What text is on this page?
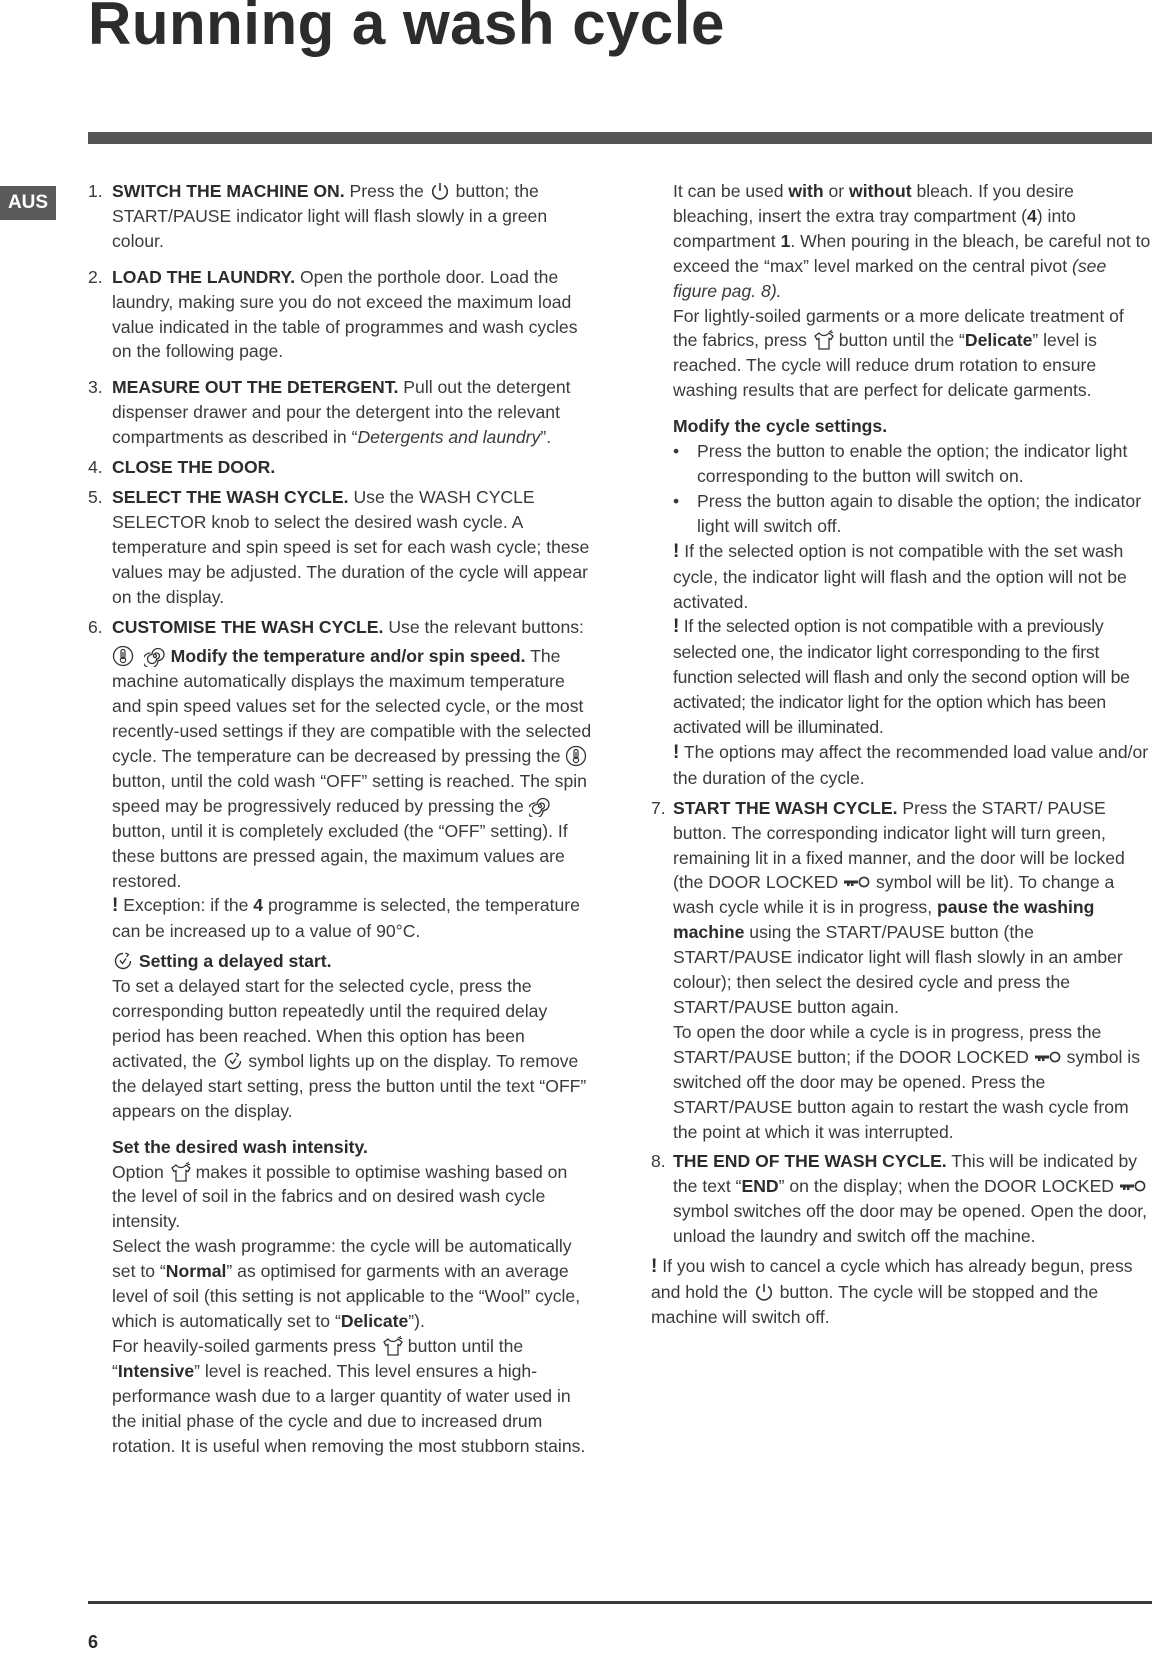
Running a wash cycle
AUS

1. SWITCH THE MACHINE ON. Press the
button; the START/PAUSE indicator light will flash slowly in a green colour.

2. LOAD THE LAUNDRY. Open the porthole door. Load the laundry, making sure you do not exceed the maximum load value indicated in the table of programmes and wash cycles on the following page.

3. MEASURE OUT THE DETERGENT. Pull out the detergent dispenser drawer and pour the detergent into the relevant compartments as described in “Detergents and laundry”.

4. CLOSE THE DOOR.

5. SELECT THE WASH CYCLE. Use the WASH CYCLE SELECTOR knob to select the desired wash cycle. A temperature and spin speed is set for each wash cycle; these values may be adjusted. The duration of the cycle will appear on the display.

6. CUSTOMISE THE WASH CYCLE. Use the relevant buttons:

Modify the temperature and/or spin speed. The machine automatically displays the maximum temperature and spin speed values set for the selected cycle, or the most recently-used settings if they are compatible with the selected cycle. The temperature can be decreased by pressing the
button, until the cold wash “OFF” setting is reached. The spin speed may be progressively reduced by pressing the
button, until it is completely excluded (the “OFF” setting). If these buttons are pressed again, the maximum values are restored.

! Exception: if the 4 programme is selected, the temperature can be increased up to a value of 90°C.

Setting a delayed start.

To set a delayed start for the selected cycle, press the corresponding button repeatedly until the required delay period has been reached. When this option has been activated, the
symbol lights up on the display. To remove the delayed start setting, press the button until the text “OFF” appears on the display.

Set the desired wash intensity.

Option
makes it possible to optimise washing based on the level of soil in the fabrics and on desired wash cycle intensity.

Select the wash programme: the cycle will be automatically set to “Normal” as optimised for garments with an average level of soil (this setting is not applicable to the “Wool” cycle, which is automatically set to “Delicate”).

For heavily-soiled garments press
button until the “Intensive” level is reached. This level ensures a high-performance wash due to a larger quantity of water used in the initial phase of the cycle and due to increased drum rotation. It is useful when removing the most stubborn stains.

It can be used with or without bleach. If you desire bleaching, insert the extra tray compartment (4) into compartment 1. When pouring in the bleach, be careful not to exceed the “max” level marked on the central pivot (see figure pag. 8).

For lightly-soiled garments or a more delicate treatment of the fabrics, press
button until the “Delicate” level is reached. The cycle will reduce drum rotation to ensure washing results that are perfect for delicate garments.

Modify the cycle settings.

• Press the button to enable the option; the indicator light corresponding to the button will switch on.

• Press the button again to disable the option; the indicator light will switch off.

! If the selected option is not compatible with the set wash cycle, the indicator light will flash and the option will not be activated.

! If the selected option is not compatible with a previously selected one, the indicator light corresponding to the first function selected will flash and only the second option will be activated; the indicator light for the option which has been activated will be illuminated.

! The options may affect the recommended load value and/or the duration of the cycle.

7. START THE WASH CYCLE. Press the START/ PAUSE button. The corresponding indicator light will turn green, remaining lit in a fixed manner, and the door will be locked (the DOOR LOCKED
symbol will be lit). To change a wash cycle while it is in progress, pause the washing machine using the START/PAUSE button (the START/PAUSE indicator light will flash slowly in an amber colour); then select the desired cycle and press the START/PAUSE button again.

To open the door while a cycle is in progress, press the START/PAUSE button; if the DOOR LOCKED
symbol is switched off the door may be opened. Press the START/PAUSE button again to restart the wash cycle from the point at which it was interrupted.

8. THE END OF THE WASH CYCLE. This will be indicated by the text “END” on the display; when the DOOR LOCKED
symbol switches off the door may be opened. Open the door, unload the laundry and switch off the machine.

! If you wish to cancel a cycle which has already begun, press and hold the
button. The cycle will be stopped and the machine will switch off.

6
